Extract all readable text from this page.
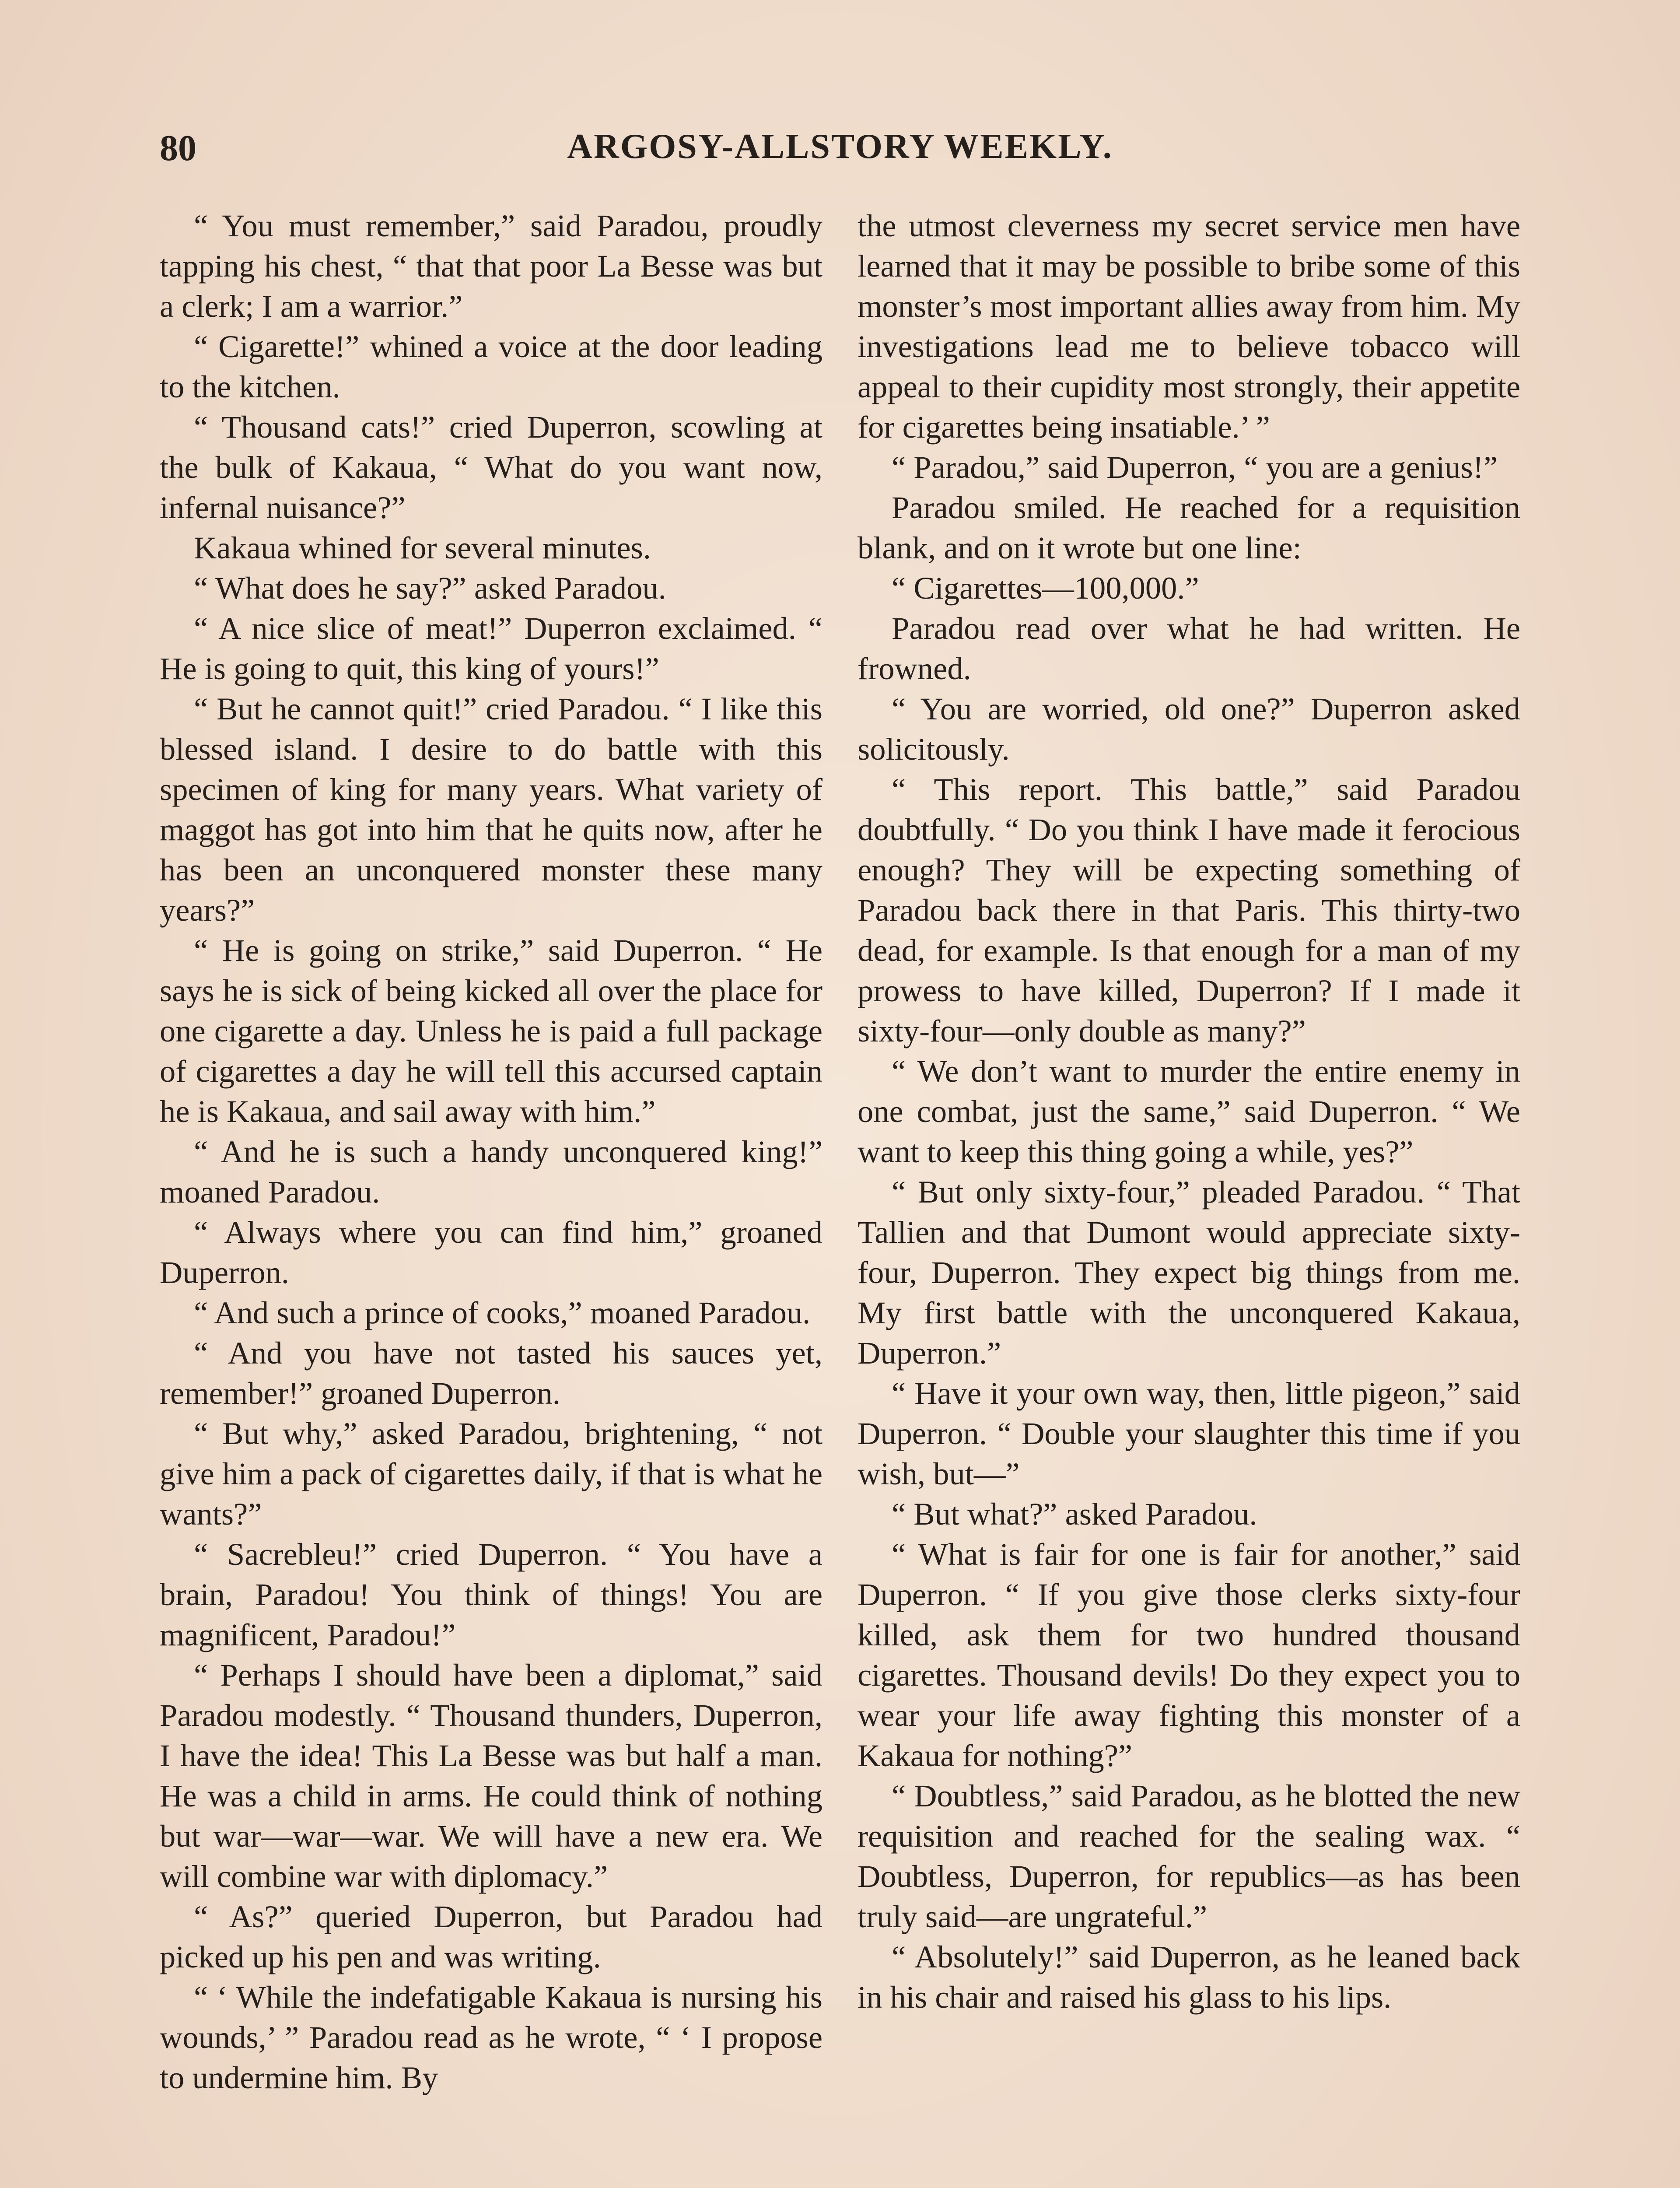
80	ARGOSY-ALLSTORY WEEKLY.

“ You must remember,” said Paradou, proudly tapping his chest, “ that that poor La Besse was but a clerk; I am a warrior.”

“ Cigarette!” whined a voice at the door leading to the kitchen.

“ Thousand cats!” cried Duperron, scowling at the bulk of Kakaua, “ What do you want now, infernal nuisance?”

Kakaua whined for several minutes.

“ What does he say?” asked Paradou.

“ A nice slice of meat!” Duperron exclaimed. “ He is going to quit, this king of yours!”

“ But he cannot quit!” cried Paradou. “ I like this blessed island. I desire to do battle with this specimen of king for many years. What variety of maggot has got into him that he quits now, after he has been an unconquered monster these many years?”

“ He is going on strike,” said Duperron. “ He says he is sick of being kicked all over the place for one cigarette a day. Unless he is paid a full package of cigarettes a day he will tell this accursed captain he is Kakaua, and sail away with him.”

“ And he is such a handy unconquered king!” moaned Paradou.

“ Always where you can find him,” groaned Duperron.

“ And such a prince of cooks,” moaned Paradou.

“ And you have not tasted his sauces yet, remember!” groaned Duperron.

“ But why,” asked Paradou, brightening, “ not give him a pack of cigarettes daily, if that is what he wants?”

“ Sacrebleu!” cried Duperron. “ You have a brain, Paradou! You think of things! You are magnificent, Paradou!”

“ Perhaps I should have been a diplomat,” said Paradou modestly. “ Thousand thunders, Duperron, I have the idea! This La Besse was but half a man. He was a child in arms. He could think of nothing but war—war—war. We will have a new era. We will combine war with diplomacy.”

“ As?” queried Duperron, but Paradou had picked up his pen and was writing.

“ ‘ While the indefatigable Kakaua is nursing his wounds,’ ” Paradou read as he wrote, “ ‘ I propose to undermine him. By

the utmost cleverness my secret service men have learned that it may be possible to bribe some of this monster’s most important allies away from him. My investigations lead me to believe tobacco will appeal to their cupidity most strongly, their appetite for cigarettes being insatiable.’ ”

“ Paradou,” said Duperron, “ you are a genius!”

Paradou smiled. He reached for a requisition blank, and on it wrote but one line:

“ Cigarettes—100,000.”

Paradou read over what he had written. He frowned.

“ You are worried, old one?” Duperron asked solicitously.

“ This report. This battle,” said Paradou doubtfully. “ Do you think I have made it ferocious enough? They will be expecting something of Paradou back there in that Paris. This thirty-two dead, for example. Is that enough for a man of my prowess to have killed, Duperron? If I made it sixty-four—only double as many?”

“ We don’t want to murder the entire enemy in one combat, just the same,” said Duperron. “ We want to keep this thing going a while, yes?”

“ But only sixty-four,” pleaded Paradou. “ That Tallien and that Dumont would appreciate sixty-four, Duperron. They expect big things from me. My first battle with the unconquered Kakaua, Duperron.”

“ Have it your own way, then, little pigeon,” said Duperron. “ Double your slaughter this time if you wish, but—”

“ But what?” asked Paradou.

“ What is fair for one is fair for another,” said Duperron. “ If you give those clerks sixty-four killed, ask them for two hundred thousand cigarettes. Thousand devils! Do they expect you to wear your life away fighting this monster of a Kakaua for nothing?”

“ Doubtless,” said Paradou, as he blotted the new requisition and reached for the sealing wax. “ Doubtless, Duperron, for republics—as has been truly said—are ungrateful.”

“ Absolutely!” said Duperron, as he leaned back in his chair and raised his glass to his lips.
